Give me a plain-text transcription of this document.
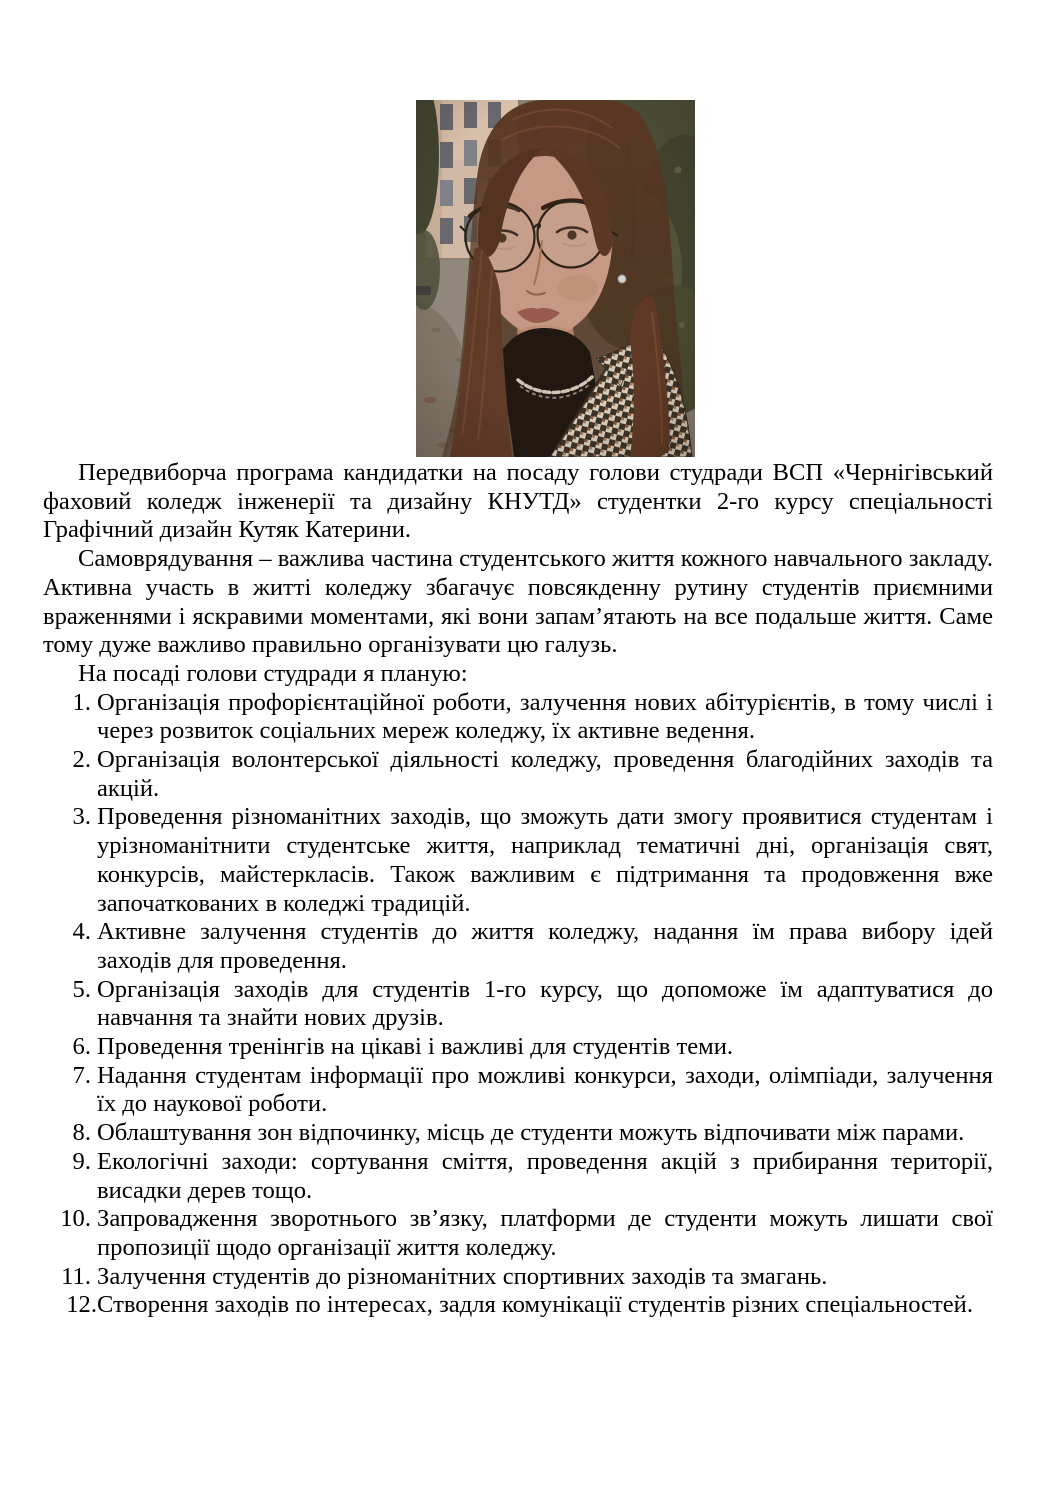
Передвиборча програма кандидатки на посаду голови студради ВСП «Чернігівський фаховий коледж інженерії та дизайну КНУТД» студентки 2-го курсу спеціальності Графічний дизайн Кутяк Катерини.

Самоврядування – важлива частина студентського життя кожного навчального закладу. Активна участь в житті коледжу збагачує повсякденну рутину студентів приємними враженнями і яскравими моментами, які вони запам’ятають на все подальше життя. Саме тому дуже важливо правильно організувати цю галузь.

На посаді голови студради я планую:

1. Організація профорієнтаційної роботи, залучення нових абітурієнтів, в тому числі і через розвиток соціальних мереж коледжу, їх активне ведення.
2. Організація волонтерської діяльності коледжу, проведення благодійних заходів та акцій.
3. Проведення різноманітних заходів, що зможуть дати змогу проявитися студентам і урізноманітнити студентське життя, наприклад тематичні дні, організація свят, конкурсів, майстеркласів. Також важливим є підтримання та продовження вже започаткованих в коледжі традицій.
4. Активне залучення студентів до життя коледжу, надання їм права вибору ідей заходів для проведення.
5. Організація заходів для студентів 1-го курсу, що допоможе їм адаптуватися до навчання та знайти нових друзів.
6. Проведення тренінгів на цікаві і важливі для студентів теми.
7. Надання студентам інформації про можливі конкурси, заходи, олімпіади, залучення їх до наукової роботи.
8. Облаштування зон відпочинку, місць де студенти можуть відпочивати між парами.
9. Екологічні заходи: сортування сміття, проведення акцій з прибирання території, висадки дерев тощо.
10. Запровадження зворотнього зв’язку, платформи де студенти можуть лишати свої пропозиції щодо організації життя коледжу.
11. Залучення студентів до різноманітних спортивних заходів та змагань.
12. Створення заходів по інтересах, задля комунікації студентів різних спеціальностей.
